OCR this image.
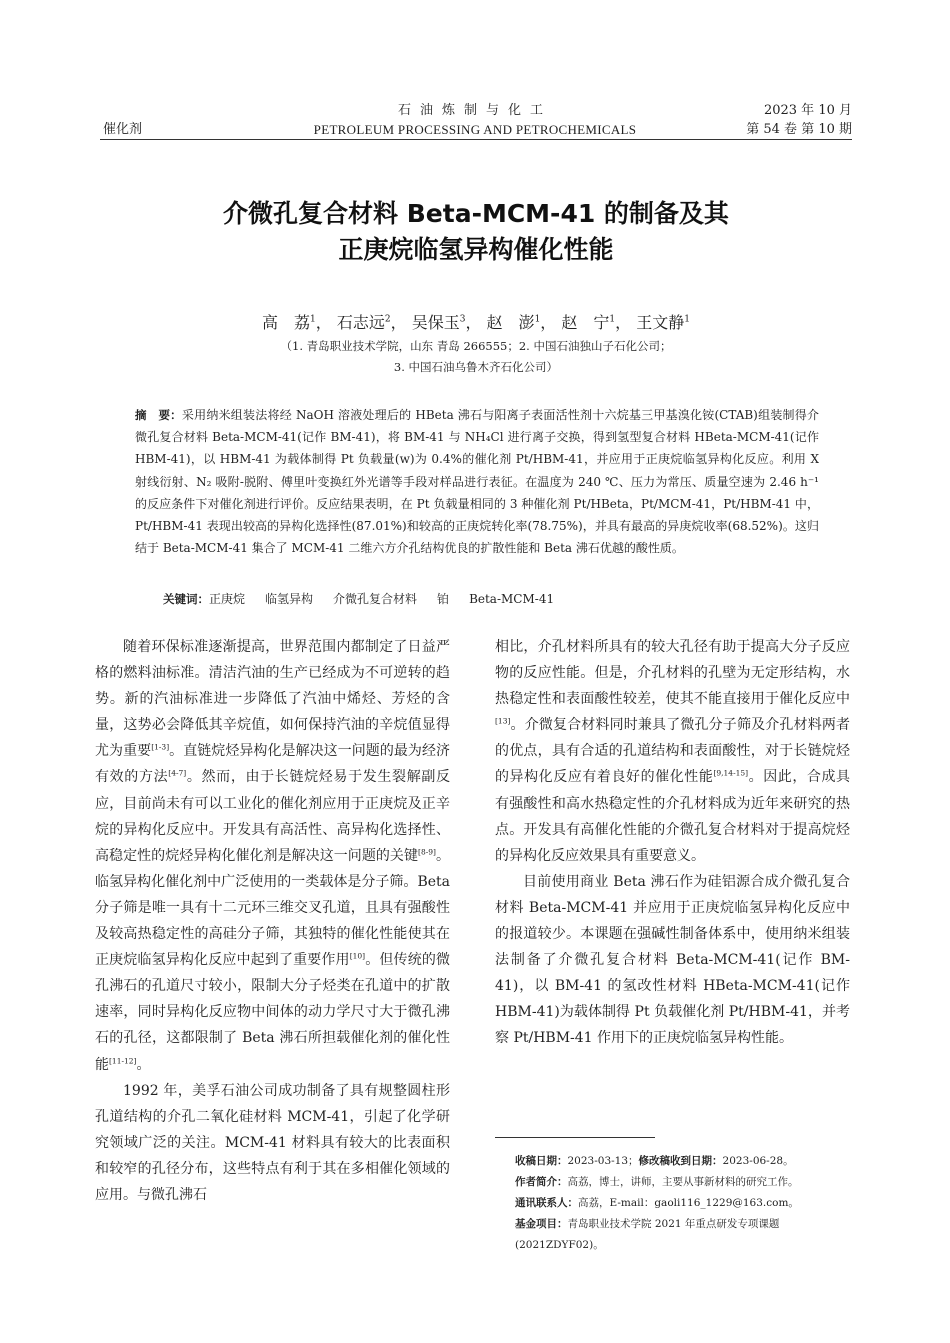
催化剂
石油炼制与化工
PETROLEUM PROCESSING AND PETROCHEMICALS
2023 年 10 月
第 54 卷 第 10 期
介微孔复合材料 Beta-MCM-41 的制备及其
正庚烷临氢异构催化性能
高　荔$^1$， 石志远$^2$， 吴保玉$^3$， 赵　澎$^1$， 赵　宁$^1$， 王文静$^1$
（1. 青岛职业技术学院，山东 青岛 266555；2. 中国石油独山子石化公司；
3. 中国石油乌鲁木齐石化公司）
摘　要：采用纳米组装法将经 NaOH 溶液处理后的 HBeta 沸石与阳离子表面活性剂十六烷基三甲基溴化铵(CTAB)组装制得介微孔复合材料 Beta-MCM-41(记作 BM-41)，将 BM-41 与 NH₄Cl 进行离子交换，得到氢型复合材料 HBeta-MCM-41(记作 HBM-41)，以 HBM-41 为载体制得 Pt 负载量(w)为 0.4%的催化剂 Pt/HBM-41，并应用于正庚烷临氢异构化反应。利用 X 射线衍射、N₂ 吸附-脱附、傅里叶变换红外光谱等手段对样品进行表征。在温度为 240 ℃、压力为常压、质量空速为 2.46 h⁻¹的反应条件下对催化剂进行评价。反应结果表明，在 Pt 负载量相同的 3 种催化剂 Pt/HBeta，Pt/MCM-41，Pt/HBM-41 中，Pt/HBM-41 表现出较高的异构化选择性(87.01%)和较高的正庚烷转化率(78.75%)，并具有最高的异庚烷收率(68.52%)。这归结于 Beta-MCM-41 集合了 MCM-41 二维六方介孔结构优良的扩散性能和 Beta 沸石优越的酸性质。
关键词：正庚烷 临氢异构 介微孔复合材料 铂 Beta-MCM-41

随着环保标准逐渐提高，世界范围内都制定了日益严格的燃料油标准。清洁汽油的生产已经成为不可逆转的趋势。新的汽油标准进一步降低了汽油中烯烃、芳烃的含量，这势必会降低其辛烷值，如何保持汽油的辛烷值显得尤为重要[1-3]。直链烷烃异构化是解决这一问题的最为经济有效的方法[4-7]。然而，由于长链烷烃易于发生裂解副反应，目前尚未有可以工业化的催化剂应用于正庚烷及正辛烷的异构化反应中。开发具有高活性、高异构化选择性、高稳定性的烷烃异构化催化剂是解决这一问题的关键[8-9]。临氢异构化催化剂中广泛使用的一类载体是分子筛。Beta 分子筛是唯一具有十二元环三维交叉孔道，且具有强酸性及较高热稳定性的高硅分子筛，其独特的催化性能使其在正庚烷临氢异构化反应中起到了重要作用[10]。但传统的微孔沸石的孔道尺寸较小，限制大分子烃类在孔道中的扩散速率，同时异构化反应物中间体的动力学尺寸大于微孔沸石的孔径，这都限制了 Beta 沸石所担载催化剂的催化性能[11-12]。

1992 年，美孚石油公司成功制备了具有规整圆柱形孔道结构的介孔二氧化硅材料 MCM-41，引起了化学研究领域广泛的关注。MCM-41 材料具有较大的比表面积和较窄的孔径分布，这些特点有利于其在多相催化领域的应用。与微孔沸石

相比，介孔材料所具有的较大孔径有助于提高大分子反应物的反应性能。但是，介孔材料的孔壁为无定形结构，水热稳定性和表面酸性较差，使其不能直接用于催化反应中[13]。介微复合材料同时兼具了微孔分子筛及介孔材料两者的优点，具有合适的孔道结构和表面酸性，对于长链烷烃的异构化反应有着良好的催化性能[9,14-15]。因此，合成具有强酸性和高水热稳定性的介孔材料成为近年来研究的热点。开发具有高催化性能的介微孔复合材料对于提高烷烃的异构化反应效果具有重要意义。

目前使用商业 Beta 沸石作为硅铝源合成介微孔复合材料 Beta-MCM-41 并应用于正庚烷临氢异构化反应中的报道较少。本课题在强碱性制备体系中，使用纳米组装法制备了介微孔复合材料 Beta-MCM-41(记作 BM-41)，以 BM-41 的氢改性材料 HBeta-MCM-41(记作 HBM-41)为载体制得 Pt 负载催化剂 Pt/HBM-41，并考察 Pt/HBM-41 作用下的正庚烷临氢异构性能。

收稿日期：2023-03-13；修改稿收到日期：2023-06-28。
作者简介：高荔，博士，讲师，主要从事新材料的研究工作。
通讯联系人：高荔，E-mail：gaoli116_1229@163.com。
基金项目：青岛职业技术学院 2021 年重点研发专项课题(2021ZDYF02)。
